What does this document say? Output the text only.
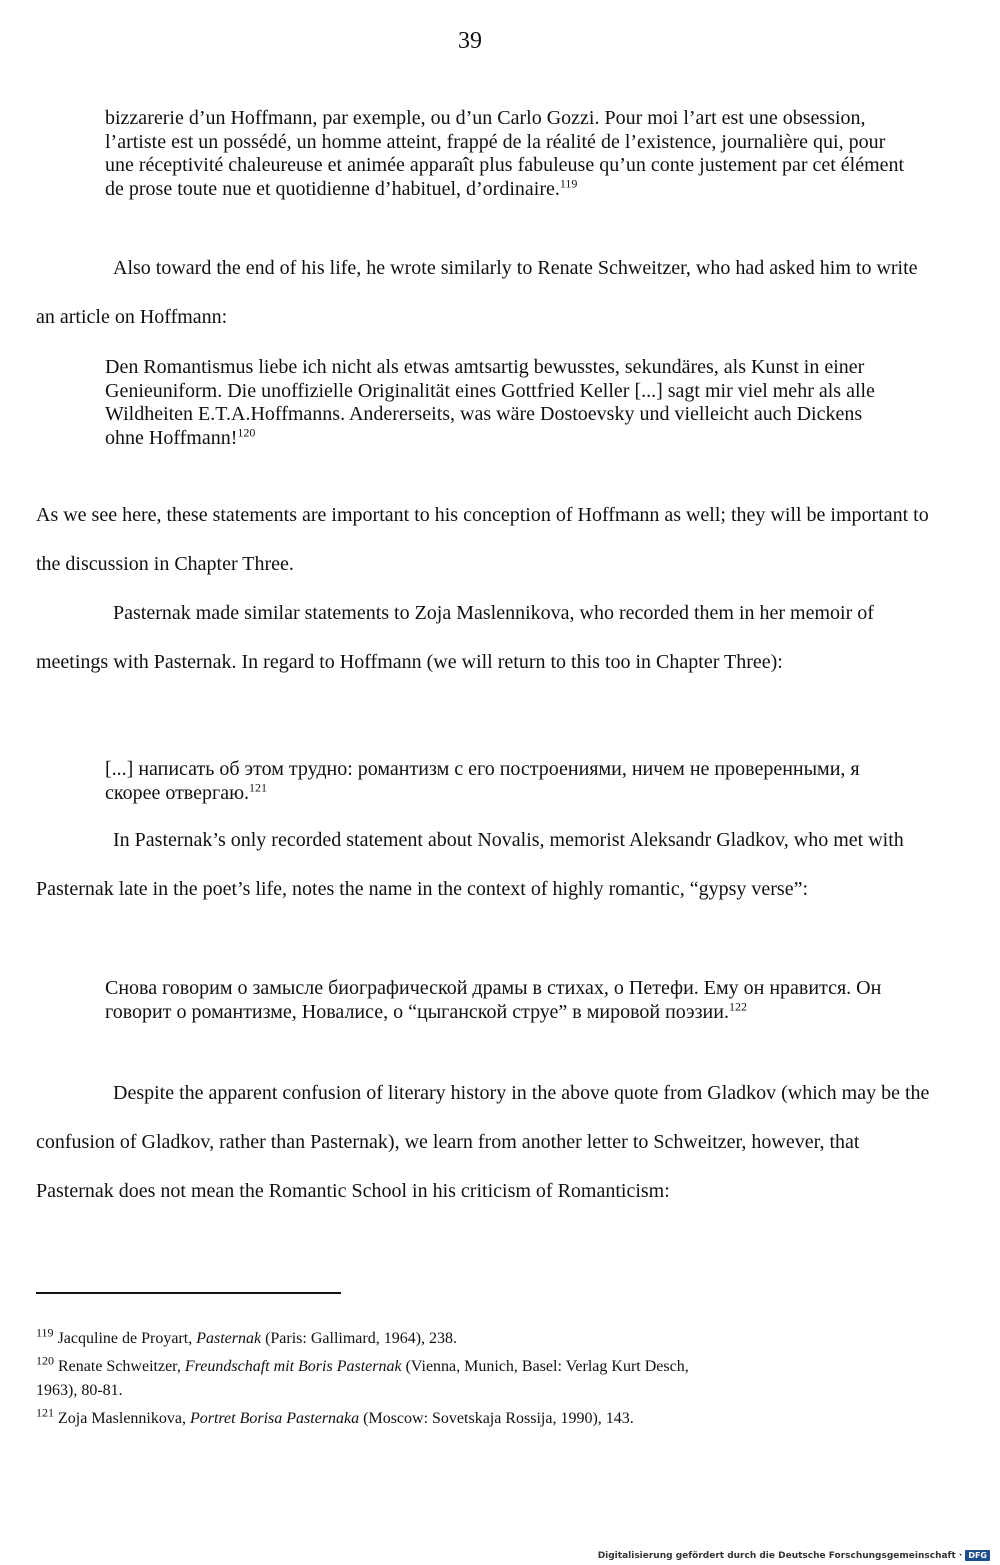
39

bizzarerie d’un Hoffmann, par exemple, ou d’un Carlo Gozzi. Pour moi l’art est une obsession, l’artiste est un possédé, un homme atteint, frappé de la réalité de l’existence, journalière qui, pour une réceptivité chaleureuse et animée apparaît plus fabuleuse qu’un conte justement par cet élément de prose toute nue et quotidienne d’habituel, d’ordinaire.$^{119}$

Also toward the end of his life, he wrote similarly to Renate Schweitzer, who had asked him to write an article on Hoffmann:

Den Romantismus liebe ich nicht als etwas amtsartig bewusstes, sekundäres, als Kunst in einer Genieuniform. Die unoffizielle Originalität eines Gottfried Keller [...] sagt mir viel mehr als alle Wildheiten E.T.A.Hoffmanns. Andererseits, was wäre Dostoevsky und vielleicht auch Dickens ohne Hoffmann!$^{120}$

As we see here, these statements are important to his conception of Hoffmann as well; they will be important to the discussion in Chapter Three.

Pasternak made similar statements to Zoja Maslennikova, who recorded them in her memoir of meetings with Pasternak. In regard to Hoffmann (we will return to this too in Chapter Three):

[...] написать об этом трудно: романтизм с его построениями, ничем не проверенными, я скорее отвергаю.$^{121}$

In Pasternak’s only recorded statement about Novalis, memorist Aleksandr Gladkov, who met with Pasternak late in the poet’s life, notes the name in the context of highly romantic, “gypsy verse”:

Снова говорим о замысле биографической драмы в стихах, о Петефи. Ему он нравится. Он говорит о романтизме, Новалисе, о “цыганской струе” в мировой поэзии.$^{122}$

Despite the apparent confusion of literary history in the above quote from Gladkov (which may be the confusion of Gladkov, rather than Pasternak), we learn from another letter to Schweitzer, however, that Pasternak does not mean the Romantic School in his criticism of Romanticism:

$^{119}$ Jacquline de Proyart, Pasternak (Paris: Gallimard, 1964), 238.
$^{120}$ Renate Schweitzer, Freundschaft mit Boris Pasternak (Vienna, Munich, Basel: Verlag Kurt Desch,
1963), 80-81.
$^{121}$ Zoja Maslennikova, Portret Borisa Pasternaka (Moscow: Sovetskaja Rossija, 1990), 143.
Digitalisierung gefördert durch die Deutsche Forschungsgemeinschaft · DFG
